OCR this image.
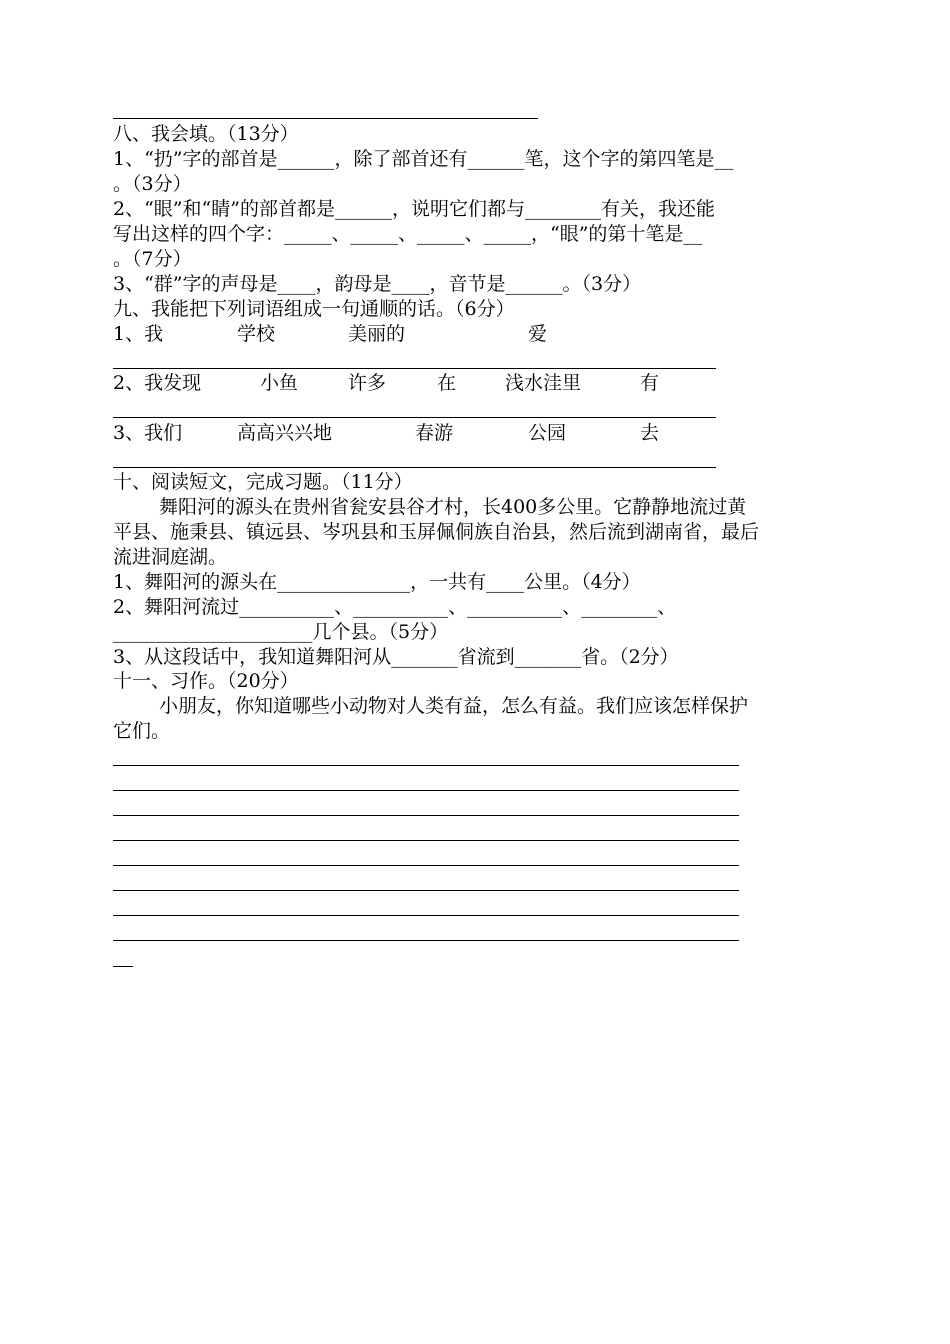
八、我会填。（13分）
1、“扔”字的部首是______，除了部首还有______笔，这个字的第四笔是__
。（3分）
2、“眼”和“睛”的部首都是______，说明它们都与________有关，我还能
写出这样的四个字：_____、_____、_____、_____，“眼”的第十笔是__
。（7分）
3、“群”字的声母是____，韵母是____，音节是______。（3分）
九、我能把下列词语组成一句通顺的话。（6分）
1、我	学校	美丽的	爱
2、我发现	小鱼	许多	在	浅水洼里	有
3、我们	高高兴兴地	春游	公园	去
十、阅读短文，完成习题。（11分）
舞阳河的源头在贵州省瓮安县谷才村，长400多公里。它静静地流过黄
平县、施秉县、镇远县、岑巩县和玉屏佩侗族自治县，然后流到湖南省，最后
流进洞庭湖。
1、舞阳河的源头在______________，一共有____公里。（4分）
2、舞阳河流过__________、__________、__________、________、
_____________________几个县。（5分）
3、从这段话中，我知道舞阳河从_______省流到_______省。（2分）
十一、习作。（20分）
小朋友，你知道哪些小动物对人类有益，怎么有益。我们应该怎样保护
它们。
